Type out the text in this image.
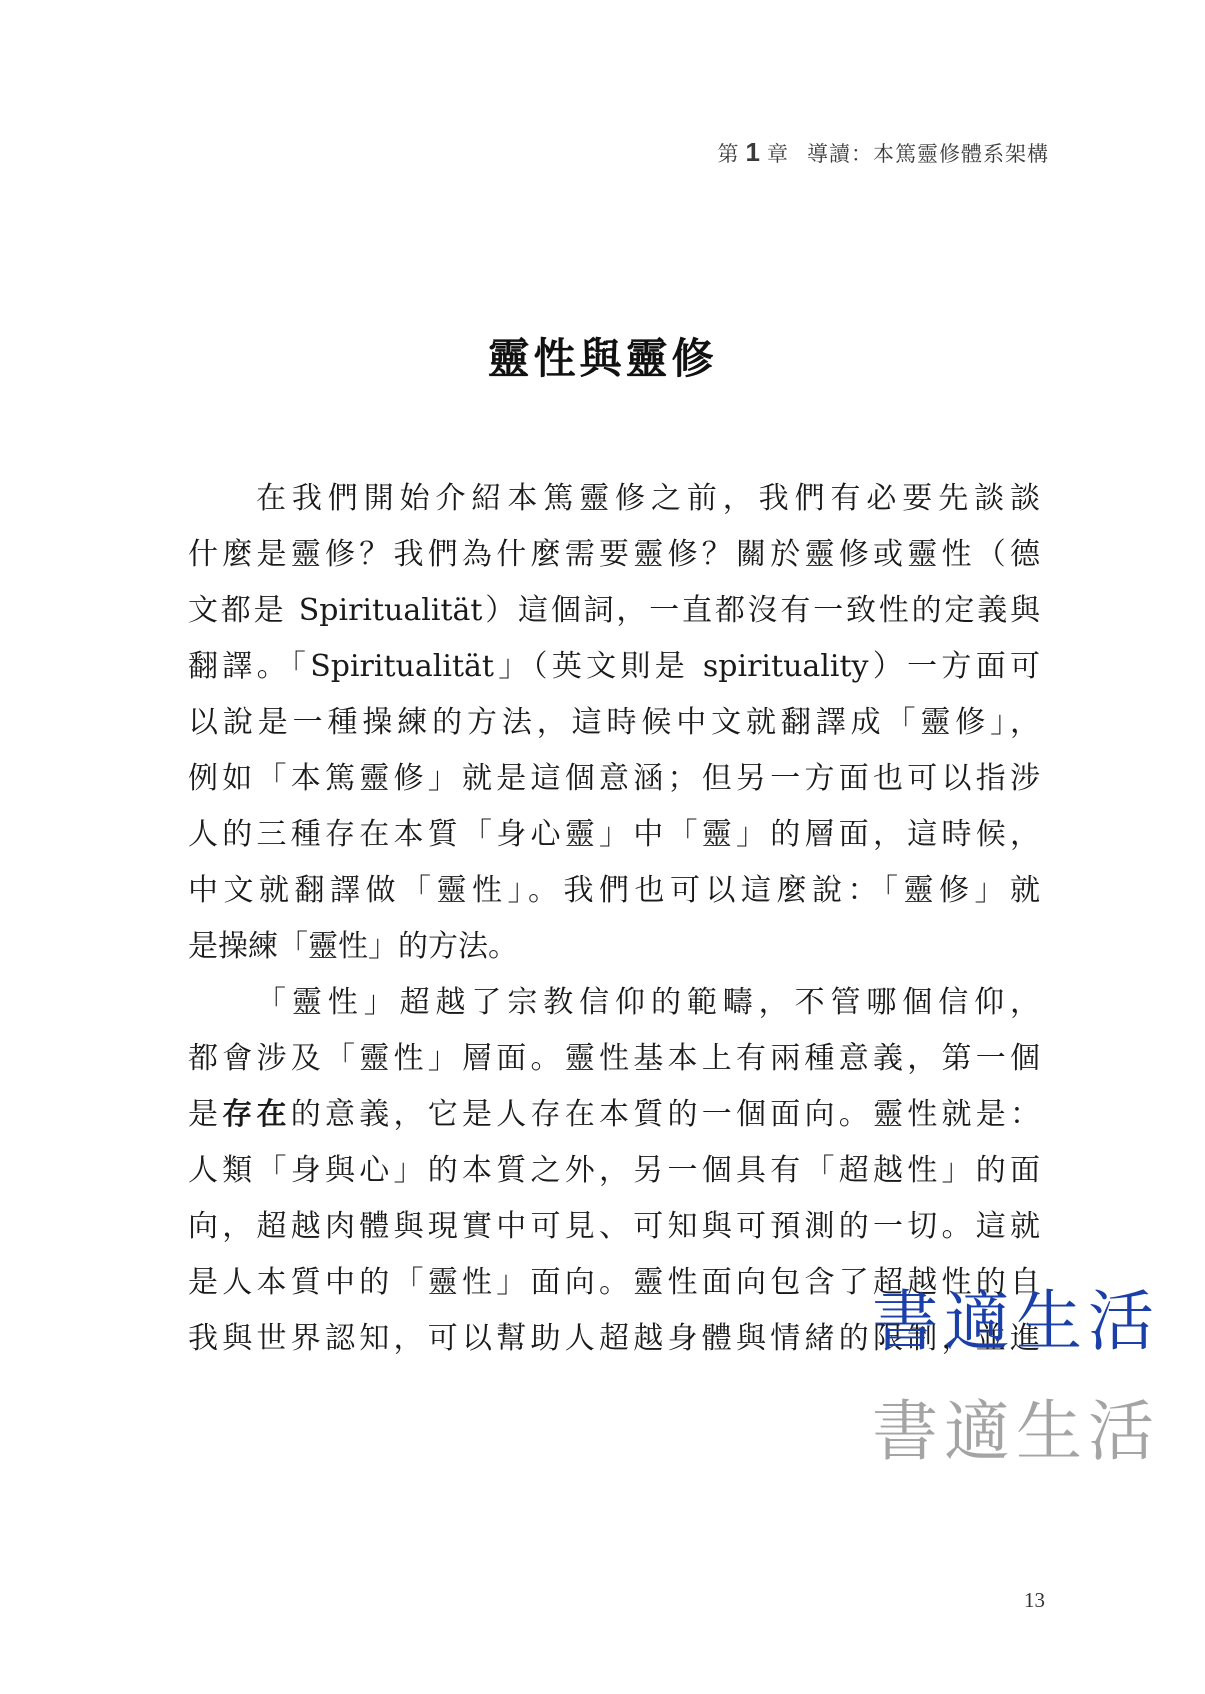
第 1 章 導讀：本篤靈修體系架構
靈性與靈修
在我們開始介紹本篤靈修之前，我們有必要先談談
什麼是靈修？我們為什麼需要靈修？關於靈修或靈性（德
文都是 Spiritualität）這個詞，一直都沒有一致性的定義與
翻譯。「Spiritualität」（英文則是 spirituality）一方面可
以說是一種操練的方法，這時候中文就翻譯成「靈修」，
例如「本篤靈修」就是這個意涵；但另一方面也可以指涉
人的三種存在本質「身心靈」中「靈」的層面，這時候，
中文就翻譯做「靈性」。我們也可以這麼說：「靈修」就
是操練「靈性」的方法。
「靈性」超越了宗教信仰的範疇，不管哪個信仰，
都會涉及「靈性」層面。靈性基本上有兩種意義，第一個
是存在的意義，它是人存在本質的一個面向。靈性就是：
人類「身與心」的本質之外，另一個具有「超越性」的面
向，超越肉體與現實中可見、可知與可預測的一切。這就
是人本質中的「靈性」面向。靈性面向包含了超越性的自
我與世界認知，可以幫助人超越身體與情緒的限制，並進
書適生活
書適生活
13
